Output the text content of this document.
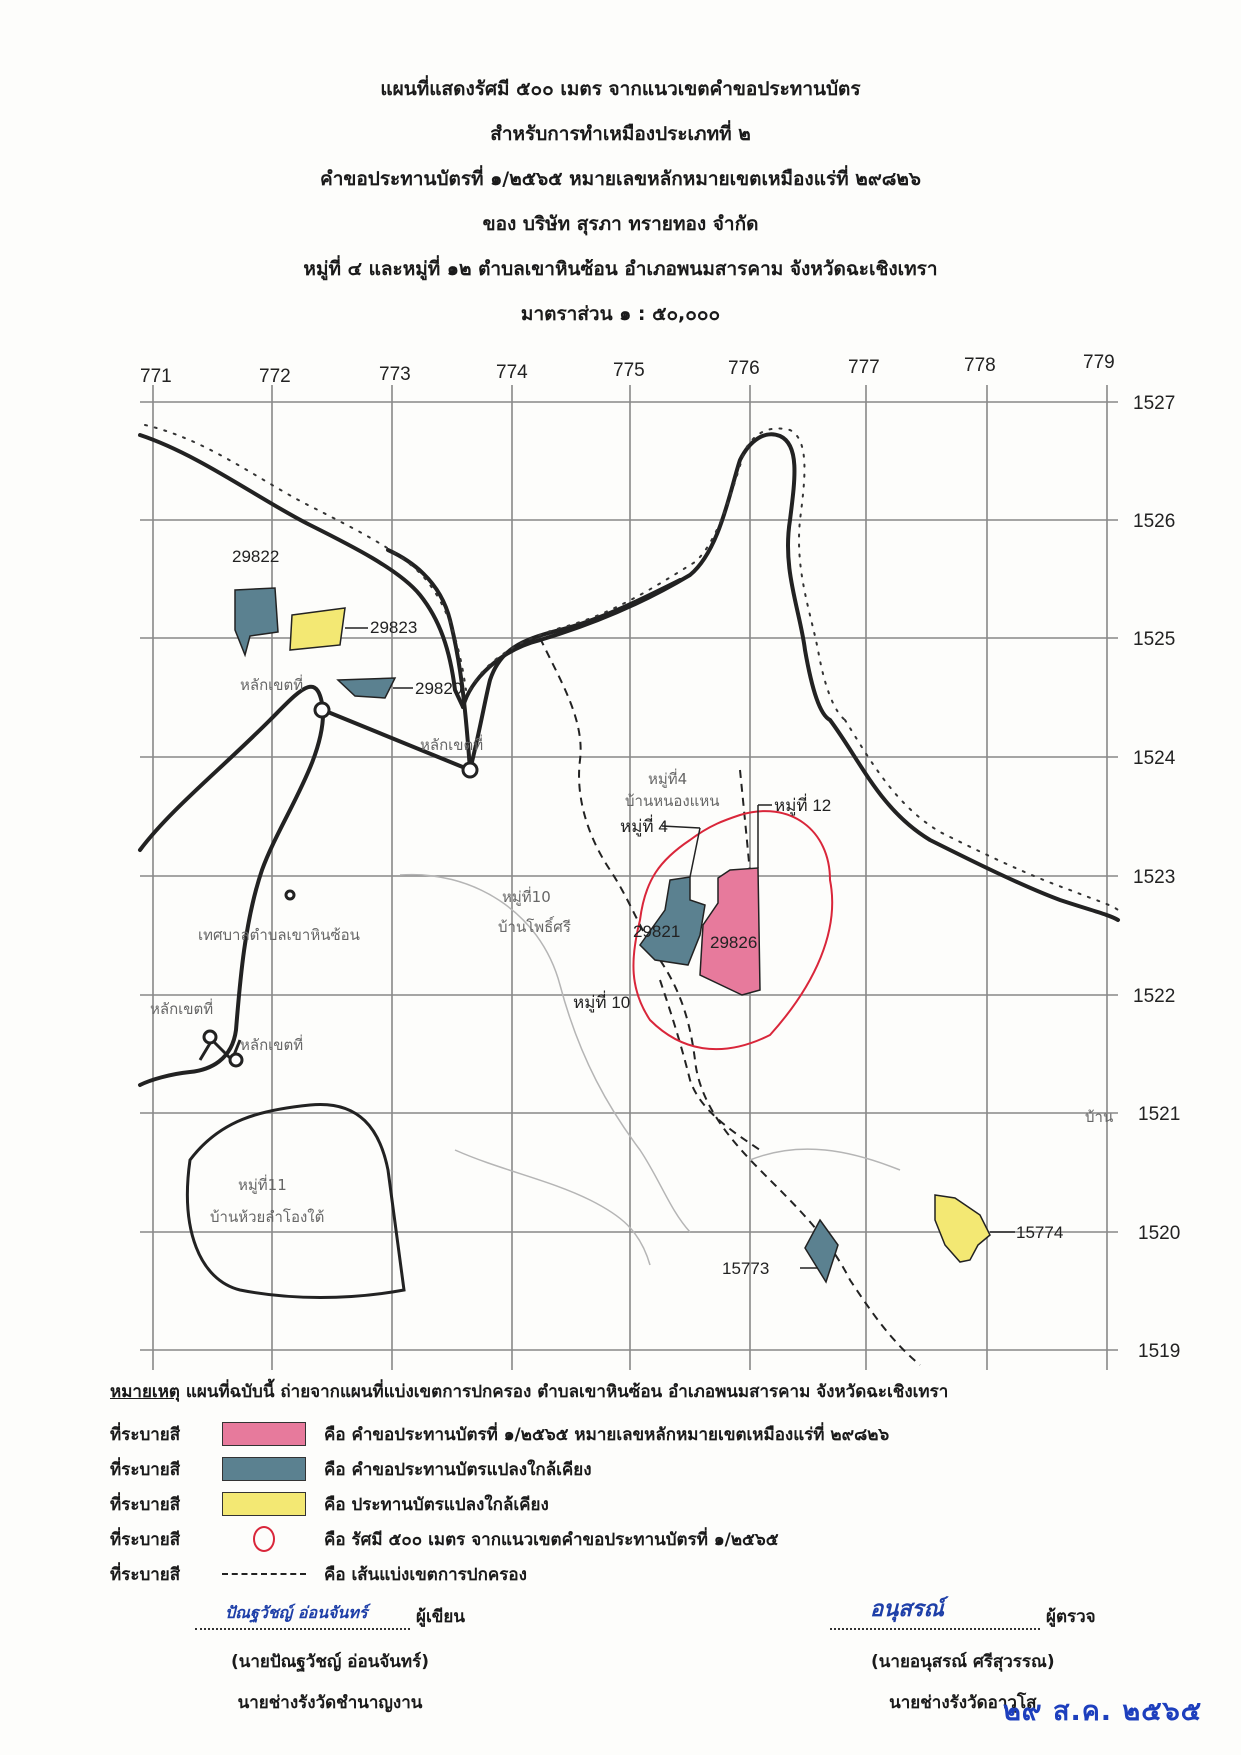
แผนที่แสดงรัศมี ๕๐๐ เมตร จากแนวเขตคำขอประทานบัตร
สำหรับการทำเหมืองประเภทที่ ๒
คำขอประทานบัตรที่ ๑/๒๕๖๕ หมายเลขหลักหมายเขตเหมืองแร่ที่ ๒๙๘๒๖
ของ บริษัท สุรภา ทรายทอง จำกัด
หมู่ที่ ๔ และหมู่ที่ ๑๒ ตำบลเขาหินซ้อน อำเภอพนมสารคาม จังหวัดฉะเชิงเทรา
มาตราส่วน ๑ : ๕๐,๐๐๐
771	772	773	774	775	776	777	778	779
1527
1526
1525
1524
1523
1522
1521
1520
1519
29822
29823
29820
29821
29826
15773
15774
หมู่ที่ 12
หมู่ที่ 4
หมู่ที่ 10
หลักเขตที่
หลักเขตที่
หมู่ที่4
บ้านหนองแหน
หมู่ที่10
บ้านโพธิ์ศรี
เทศบาลตำบลเขาหินซ้อน
หลักเขตที่
หลักเขตที่
หมู่ที่11
บ้านห้วยลำโองใต้
บ้าน
หมายเหตุ แผนที่ฉบับนี้ ถ่ายจากแผนที่แบ่งเขตการปกครอง ตำบลเขาหินซ้อน อำเภอพนมสารคาม จังหวัดฉะเชิงเทรา
ที่ระบายสี	คือ คำขอประทานบัตรที่ ๑/๒๕๖๕ หมายเลขหลักหมายเขตเหมืองแร่ที่ ๒๙๘๒๖
ที่ระบายสี	คือ คำขอประทานบัตรแปลงใกล้เคียง
ที่ระบายสี	คือ ประทานบัตรแปลงใกล้เคียง
ที่ระบายสี	คือ รัศมี ๕๐๐ เมตร จากแนวเขตคำขอประทานบัตรที่ ๑/๒๕๖๕
ที่ระบายสี	คือ เส้นแบ่งเขตการปกครอง
ปัณฐวัชญ์ อ่อนจันทร์	ผู้เขียน
(นายปัณฐวัชญ์ อ่อนจันทร์)
นายช่างรังวัดชำนาญงาน
อนุสรณ์	ผู้ตรวจ
(นายอนุสรณ์ ศรีสุวรรณ)
นายช่างรังวัดอาวุโส
๒๙ ส.ค. ๒๕๖๕
